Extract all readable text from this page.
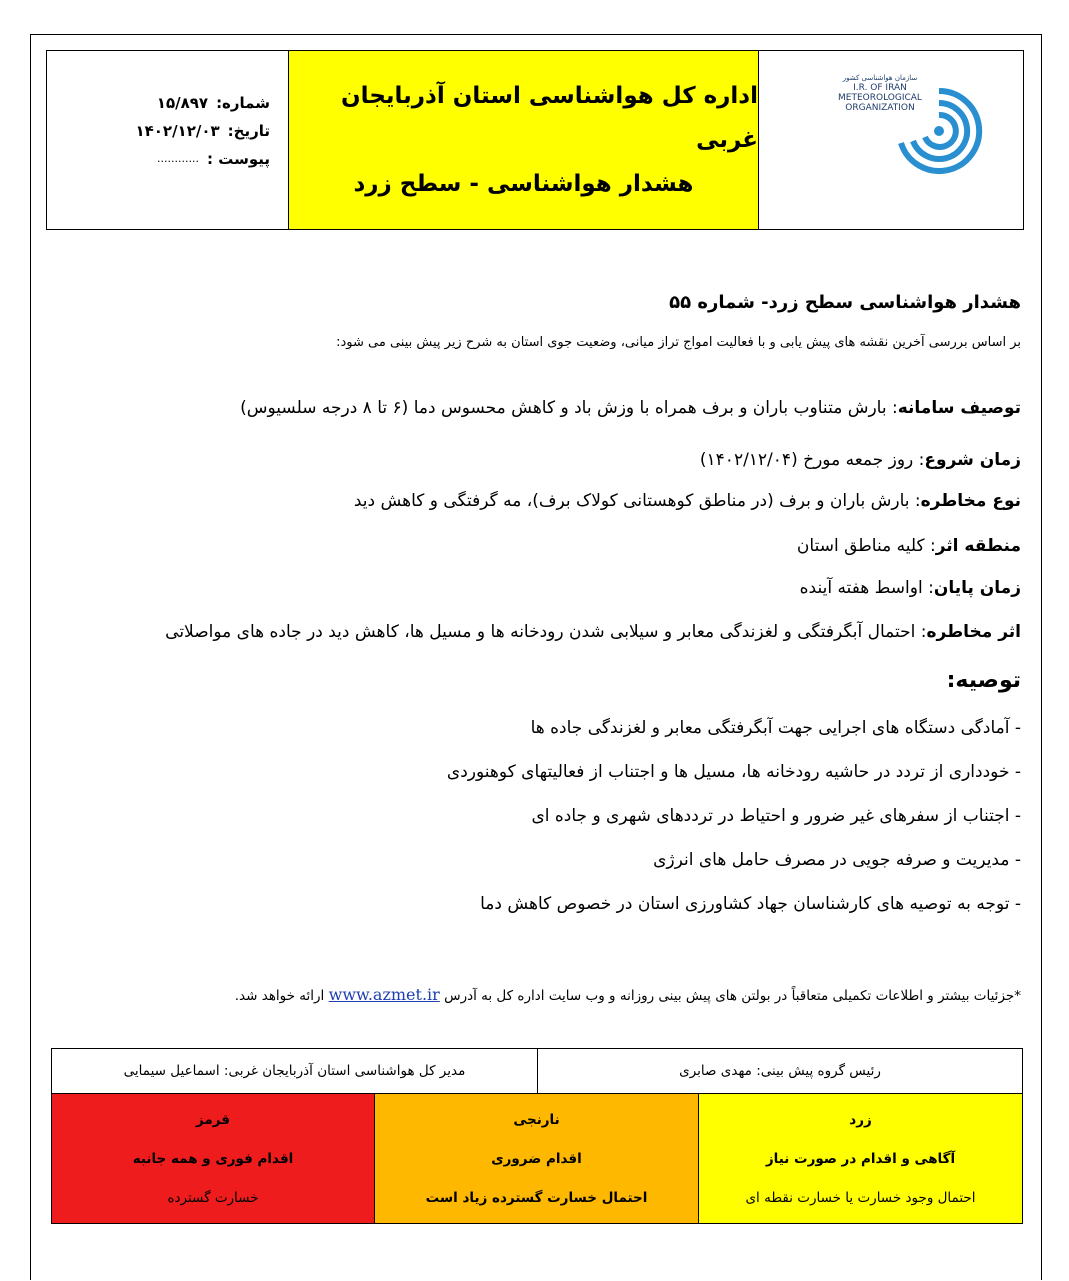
شماره:
۱۵/۸۹۷
تاریخ:
۱۴۰۲/۱۲/۰۳
پیوست :
............
اداره کل هواشناسی استان آذربایجان غربی
هشدار هواشناسی - سطح زرد
سازمان هواشناسی کشور
I.R. OF IRAN
METEOROLOGICAL
ORGANIZATION
هشدار هواشناسی سطح زرد- شماره ۵۵
بر اساس بررسی آخرین نقشه های پیش یابی و با فعالیت امواج تراز میانی، وضعیت جوی استان به شرح زیر پیش بینی می شود:
توصیف سامانه: بارش متناوب باران و برف همراه با وزش باد و کاهش محسوس دما (۶ تا ۸ درجه سلسیوس)
زمان شروع: روز جمعه مورخ (۱۴۰۲/۱۲/۰۴)
نوع مخاطره: بارش باران و برف (در مناطق کوهستانی کولاک برف)، مه گرفتگی و کاهش دید
منطقه اثر: کلیه مناطق استان
زمان پایان: اواسط هفته آینده
اثر مخاطره: احتمال آبگرفتگی و لغزندگی معابر و سیلابی شدن رودخانه ها و مسیل ها، کاهش دید در جاده های مواصلاتی
توصیه:
- آمادگی دستگاه های اجرایی جهت آبگرفتگی معابر و لغزندگی جاده ها
- خودداری از تردد در حاشیه رودخانه ها، مسیل ها و اجتناب از فعالیتهای کوهنوردی
- اجتناب از سفرهای غیر ضرور و احتیاط در ترددهای شهری و جاده ای
- مدیریت و صرفه جویی در مصرف حامل های انرژی
- توجه به توصیه های کارشناسان جهاد کشاورزی استان در خصوص کاهش دما
*جزئیات بیشتر و اطلاعات تکمیلی متعاقباً در بولتن های پیش بینی روزانه و وب سایت اداره کل به آدرس www.azmet.ir ارائه خواهد شد.
رئیس گروه پیش بینی: مهدی صابری
مدیر کل هواشناسی استان آذربایجان غربی: اسماعیل سیمایی
زرد
آگاهی و اقدام در صورت نیاز
احتمال وجود خسارت یا خسارت نقطه ای
نارنجی
اقدام ضروری
احتمال خسارت گسترده زیاد است
قرمز
اقدام فوری و همه جانبه
خسارت گسترده
